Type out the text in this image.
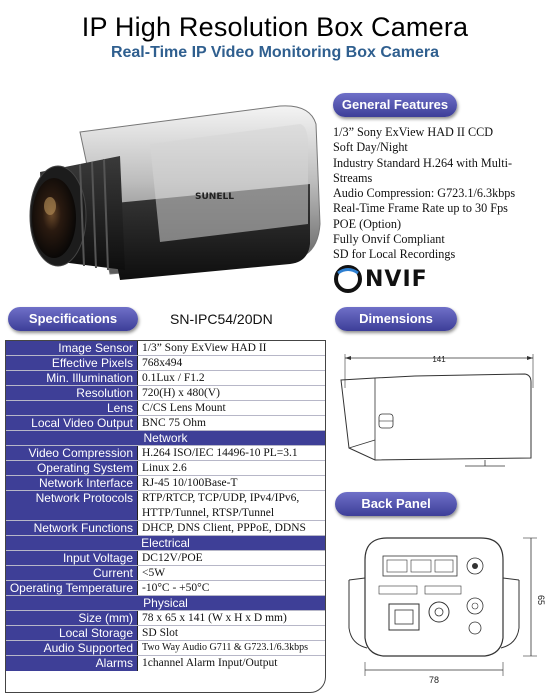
IP High Resolution Box Camera
Real-Time IP Video Monitoring Box Camera
SUNELL
General Features
1/3” Sony ExView HAD II CCD
Soft Day/Night
Industry Standard H.264 with Multi-Streams
Audio Compression: G723.1/6.3kbps
Real-Time Frame Rate up to 30 Fps
POE (Option)
Fully Onvif Compliant
SD for Local Recordings
NVIF
Specifications	SN-IPC54/20DN
Image Sensor 1/3” Sony ExView HAD II
Effective Pixels 768x494
Min. Illumination 0.1Lux / F1.2
Resolution 720(H) x 480(V)
Lens C/CS Lens Mount
Local Video Output BNC 75 Ohm
Network
Video Compression H.264 ISO/IEC 14496-10 PL=3.1
Operating System Linux 2.6
Network Interface RJ-45 10/100Base-T
Network Protocols RTP/RTCP, TCP/UDP, IPv4/IPv6,
HTTP/Tunnel, RTSP/Tunnel
Network Functions DHCP, DNS Client, PPPoE, DDNS
Electrical
Input Voltage DC12V/POE
Current <5W
Operating Temperature -10°C - +50°C
Physical
Size (mm) 78 x 65 x 141 (W x H x D mm)
Local Storage SD Slot
Audio Supported Two Way Audio G711 & G723.1/6.3kbps
Alarms 1channel Alarm Input/Output
Dimensions
141
Back Panel
78
65
